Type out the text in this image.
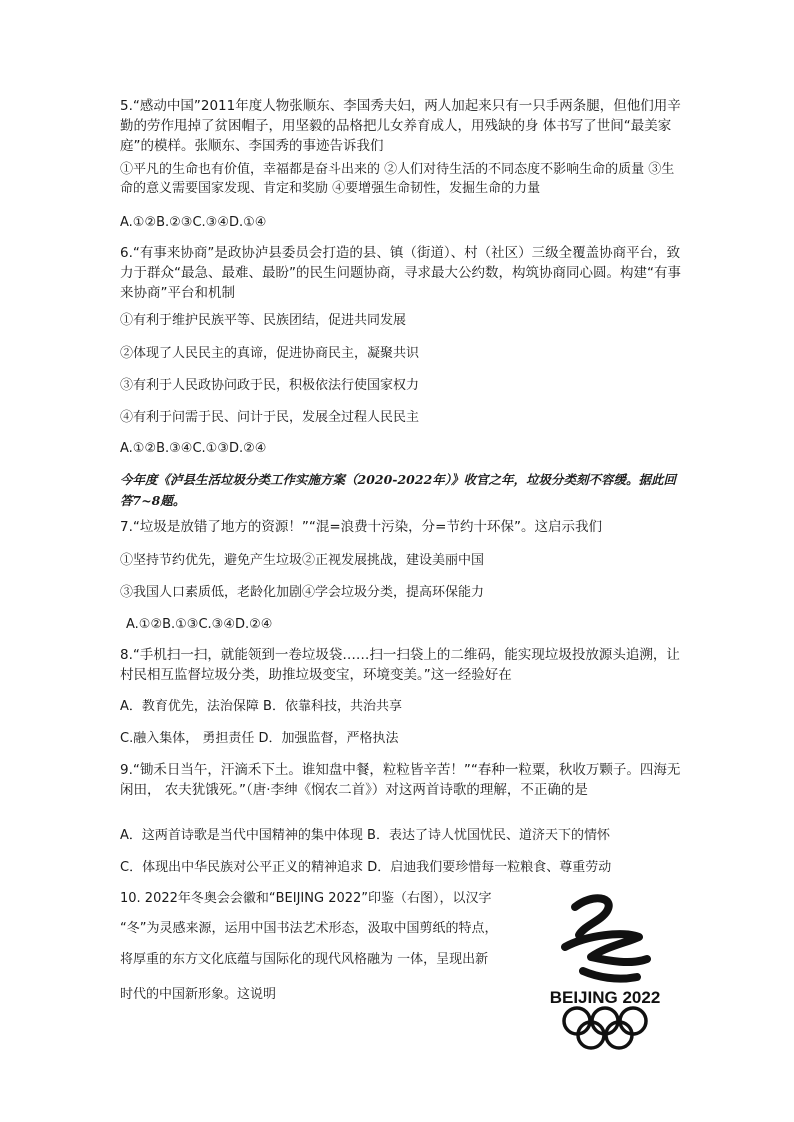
5.“感动中国”2011年度人物张顺东、李国秀夫妇，两人加起来只有一只手两条腿，但他们用辛勤的劳作甩掉了贫困帽子，用坚毅的品格把儿女养育成人，用残缺的身 体书写了世间“最美家庭”的模样。张顺东、李国秀的事迹告诉我们

①平凡的生命也有价值，幸福都是奋斗出来的 ②人们对待生活的不同态度不影响生命的质量 ③生命的意义需要国家发现、肯定和奖励 ④要增强生命韧性，发掘生命的力量

A.①②B.②③C.③④D.①④

6.“有事来协商”是政协泸县委员会打造的县、镇（街道）、村（社区）三级全覆盖协商平台，致力于群众“最急、最难、最盼”的民生问题协商，寻求最大公约数，构筑协商同心圆。构建“有事来协商”平台和机制

①有利于维护民族平等、民族团结，促进共同发展

②体现了人民民主的真谛，促进协商民主，凝聚共识

③有利于人民政协问政于民，积极依法行使国家权力

④有利于问需于民、问计于民，发展全过程人民民主

A.①②B.③④C.①③D.②④

今年度《泸县生活垃圾分类工作实施方案（2020-2022年）》收官之年，垃圾分类刻不容缓。据此回答7~8题。

7.“垃圾是放错了地方的资源！”“混=浪费十污染，分=节约十环保”。这启示我们

①坚持节约优先，避免产生垃圾②正视发展挑战，建设美丽中国

③我国人口素质低，老龄化加剧④学会垃圾分类，提高环保能力

A.①②B.①③C.③④D.②④

8.“手机扫一扫，就能领到一卷垃圾袋……扫一扫袋上的二维码，能实现垃圾投放源头追溯，让村民相互监督垃圾分类，助推垃圾变宝，环境变美。”这一经验好在

A．教育优先，法治保障 B．依靠科技，共治共享

C.融入集体， 勇担责任 D．加强监督，严格执法

9.“锄禾日当午，汗滴禾下土。谁知盘中餐，粒粒皆辛苦！”“春种一粒粟，秋收万颗子。四海无闲田， 农夫犹饿死。”（唐·李绅《悯农二首》）对这两首诗歌的理解，不正确的是

A．这两首诗歌是当代中国精神的集中体现 B．表达了诗人忧国忧民、道济天下的情怀

C．体现出中华民族对公平正义的精神追求 D．启迪我们要珍惜每一粒粮食、尊重劳动

10. 2022年冬奥会会徽和“BEIJING 2022”印鉴（右图），以汉字

“冬”为灵感来源，运用中国书法艺术形态，汲取中国剪纸的特点，

将厚重的东方文化底蕴与国际化的现代风格融为 一体，呈现出新

时代的中国新形象。这说明	BEIJING 2022
